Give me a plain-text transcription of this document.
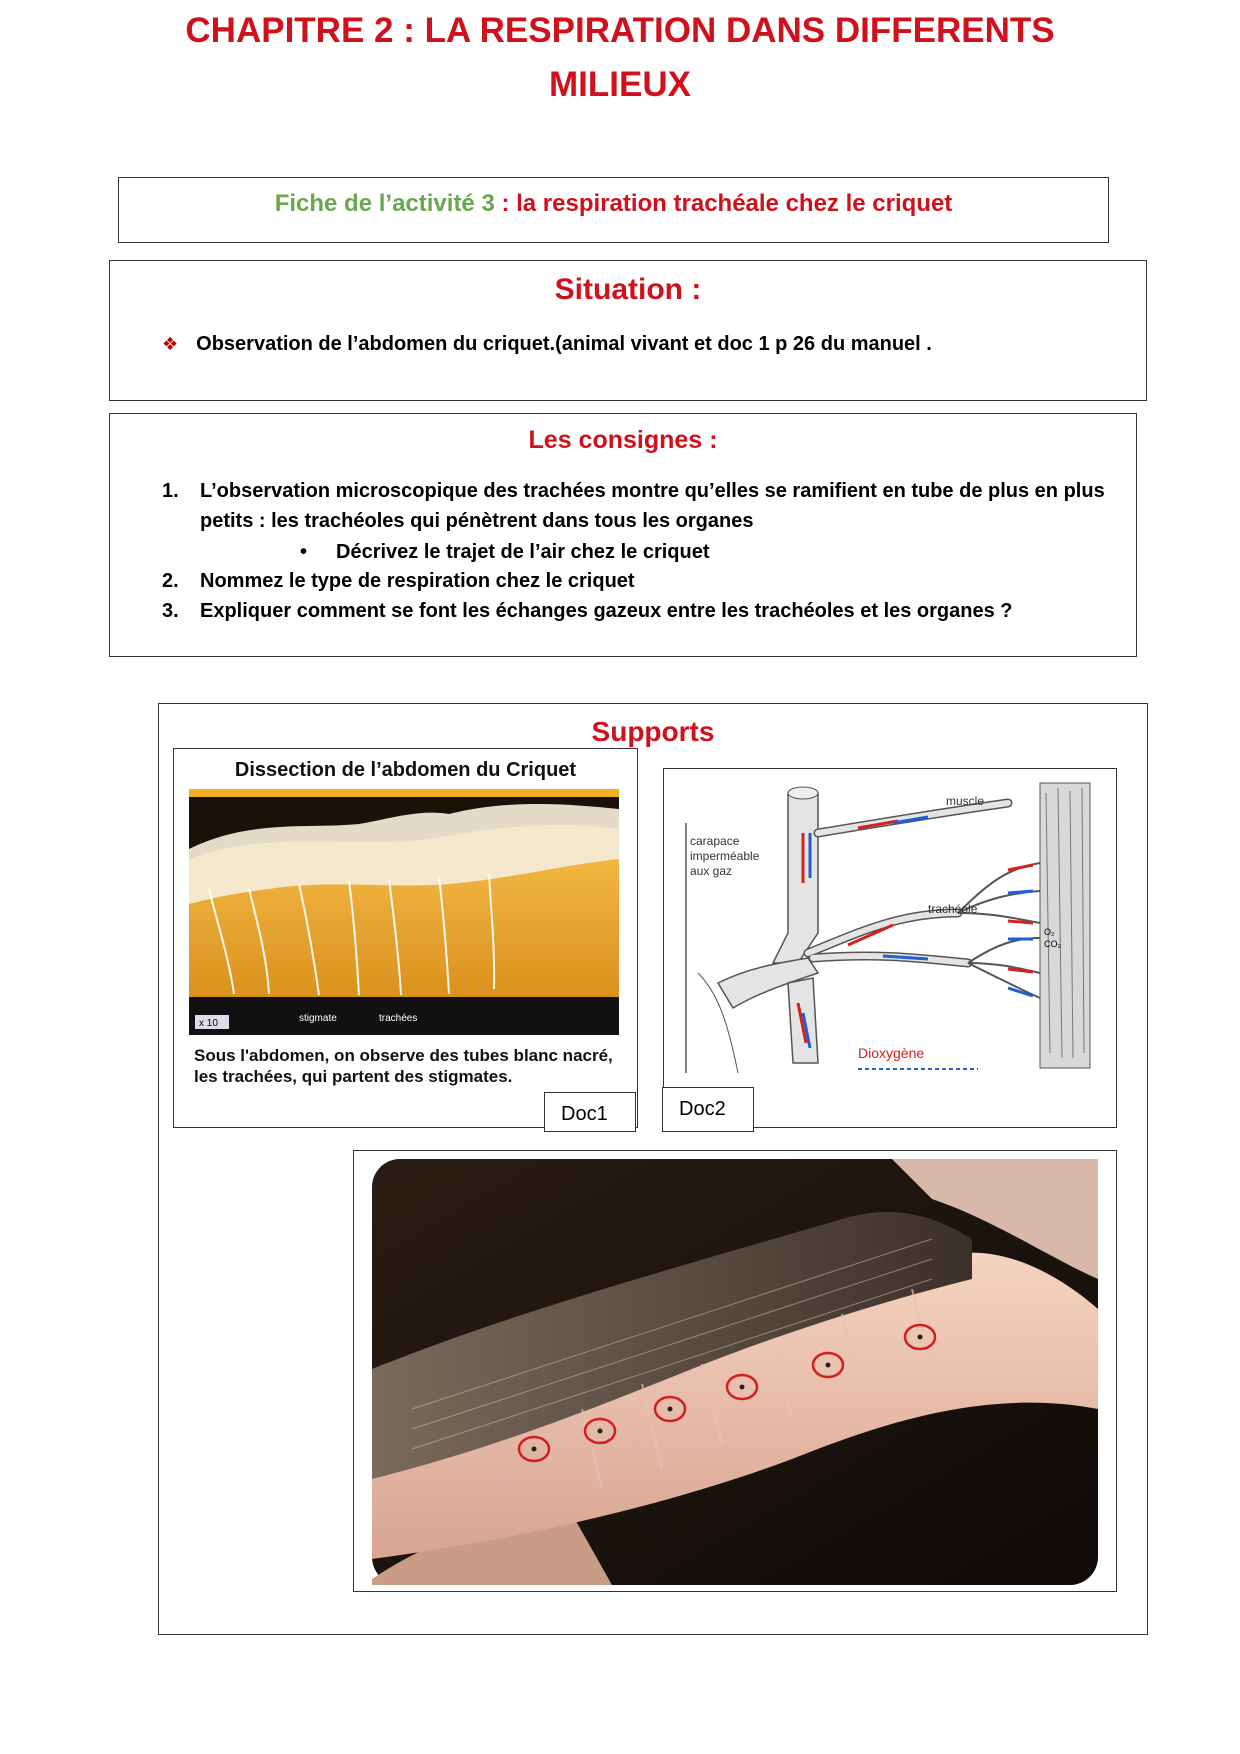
CHAPITRE 2 : LA RESPIRATION DANS DIFFERENTS
MILIEUX
Fiche de l’activité 3 : la respiration trachéale chez le criquet
Situation :
❖ Observation de l’abdomen du criquet.(animal vivant et doc 1 p 26 du manuel .
Les consignes :
1. L’observation microscopique des trachées montre qu’elles se ramifient en tube de plus en plus
petits : les trachéoles qui pénètrent dans tous les organes
• Décrivez le trajet de l’air chez le criquet
2. Nommez le type de respiration chez le criquet
3. Expliquer comment se font les échanges gazeux entre les trachéoles et les organes ?
Supports
Dissection de l’abdomen du Criquet
x 10	stigmate	trachées
Sous l'abdomen, on observe des tubes blanc nacré,
les trachées, qui partent des stigmates.
Doc1
muscle
carapace
imperméable
aux gaz
trachéole
O₂
CO₂
Dioxygène
Doc2
